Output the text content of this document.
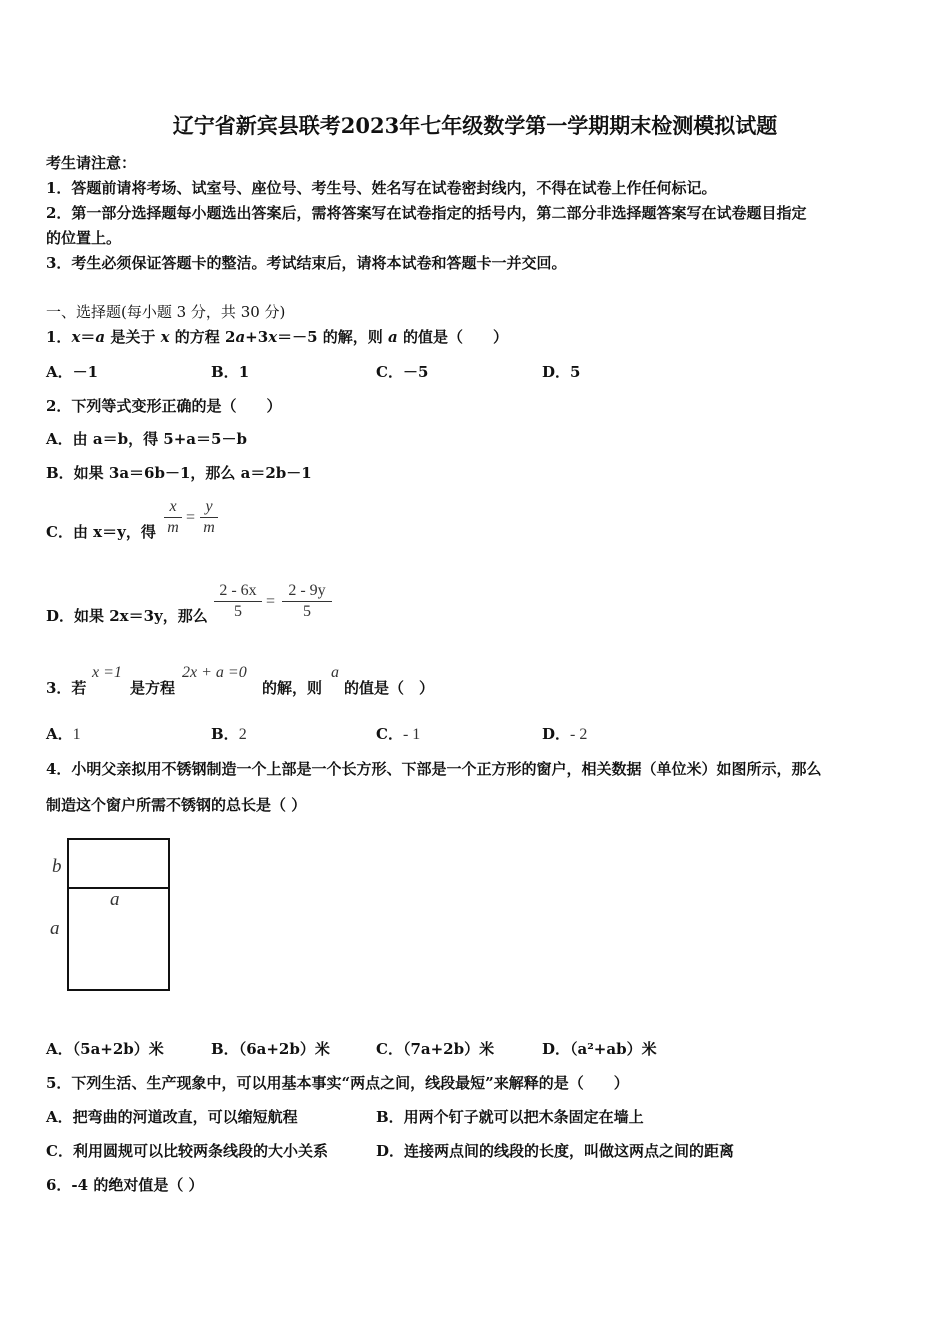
辽宁省新宾县联考2023年七年级数学第一学期期末检测模拟试题
考生请注意：
1．答题前请将考场、试室号、座位号、考生号、姓名写在试卷密封线内，不得在试卷上作任何标记。
2．第一部分选择题每小题选出答案后，需将答案写在试卷指定的括号内，第二部分非选择题答案写在试卷题目指定
的位置上。
3．考生必须保证答题卡的整洁。考试结束后，请将本试卷和答题卡一并交回。
一、选择题(每小题 3 分，共 30 分)
1．x＝a 是关于 x 的方程 2a+3x＝－5 的解，则 a 的值是（　　）
A．－1	B．1	C．－5	D．5
2．下列等式变形正确的是（　　）
A．由 a＝b，得 5+a＝5－b
B．如果 3a＝6b－1，那么 a＝2b－1
C．由 x＝y，得
x
m
=
y
m
D．如果 2x＝3y，那么
2 - 6x
5
=
2 - 9y
5
3．若
x =1
是方程
2x + a =0
的解，则
a
的值是（　）
A．1	B．2	C．- 1	D．- 2
4．小明父亲拟用不锈钢制造一个上部是一个长方形、下部是一个正方形的窗户，相关数据（单位米）如图所示，那么
制造这个窗户所需不锈钢的总长是（ ）
b
a
a
A．（5a+2b）米	B．（6a+2b）米	C．（7a+2b）米	D．（a²+ab）米
5．下列生活、生产现象中，可以用基本事实“两点之间，线段最短”来解释的是（　　）
A．把弯曲的河道改直，可以缩短航程	B．用两个钉子就可以把木条固定在墙上
C．利用圆规可以比较两条线段的大小关系	D．连接两点间的线段的长度，叫做这两点之间的距离
6．-4 的绝对值是（ ）
